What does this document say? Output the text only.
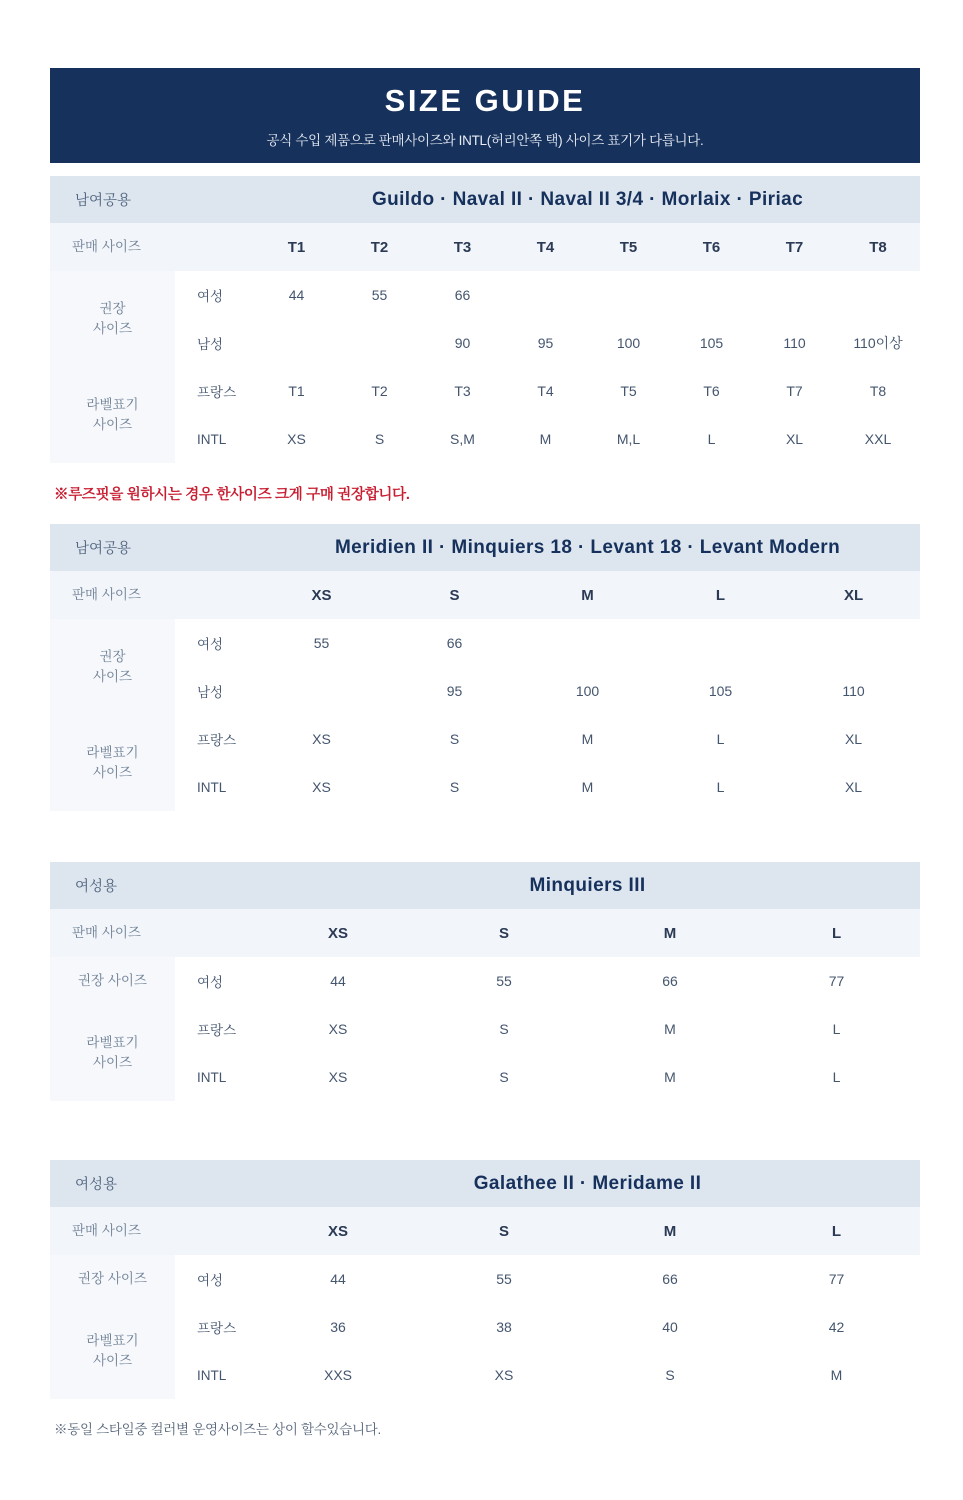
SIZE GUIDE
공식 수입 제품으로 판매사이즈와 INTL(허리안쪽 택) 사이즈 표기가 다릅니다.
남여공용		Guildo · Naval II · Naval II 3/4 · Morlaix · Piriac							
판매 사이즈		T1	T2	T3	T4	T5	T6	T7	T8
권장
사이즈	여성	44	55	66					
	남성			90	95	100	105	110	110이상
라벨표기
사이즈	프랑스	T1	T2	T3	T4	T5	T6	T7	T8
	INTL	XS	S	S,M	M	M,L	L	XL	XXL
※루즈핏을 원하시는 경우 한사이즈 크게 구매 권장합니다.
남여공용		Meridien II · Minquiers 18 · Levant 18 · Levant Modern				
판매 사이즈		XS	S	M	L	XL
권장
사이즈	여성	55	66			
	남성		95	100	105	110
라벨표기
사이즈	프랑스	XS	S	M	L	XL
	INTL	XS	S	M	L	XL
여성용		Minquiers III			
판매 사이즈		XS	S	M	L
권장 사이즈	여성	44	55	66	77
라벨표기
사이즈	프랑스	XS	S	M	L
	INTL	XS	S	M	L
여성용		Galathee II · Meridame II			
판매 사이즈		XS	S	M	L
권장 사이즈	여성	44	55	66	77
라벨표기
사이즈	프랑스	36	38	40	42
	INTL	XXS	XS	S	M
※동일 스타일중 컬러별 운영사이즈는 상이 할수있습니다.
